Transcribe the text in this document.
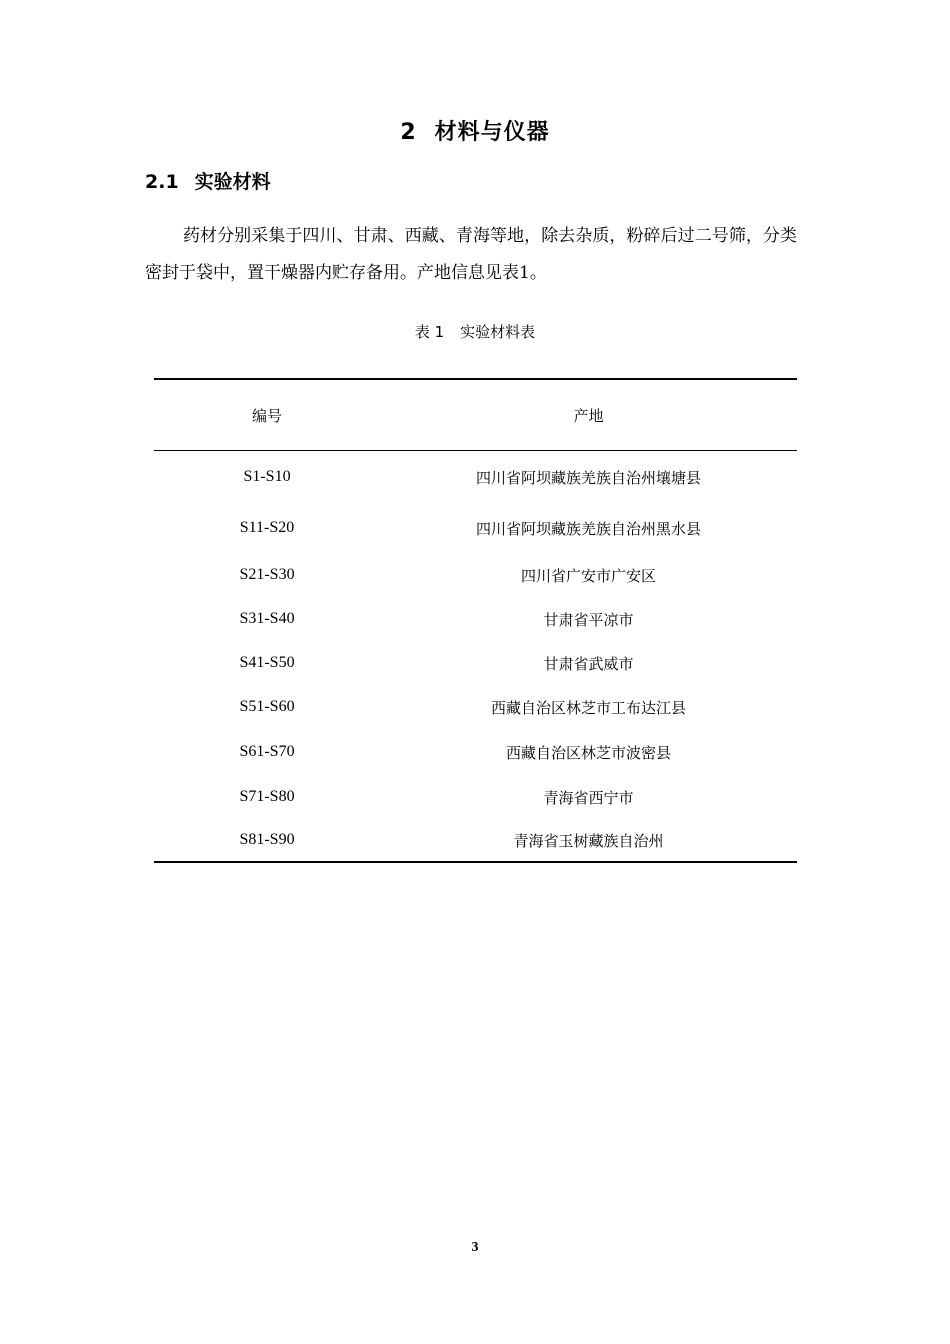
2 材料与仪器
2.1 实验材料
药材分别采集于四川、甘肃、西藏、青海等地，除去杂质，粉碎后过二号筛，分类密封于袋中，置干燥器内贮存备用。产地信息见表1。
表 1 实验材料表
编号	产地
S1-S10	四川省阿坝藏族羌族自治州壤塘县
S11-S20	四川省阿坝藏族羌族自治州黑水县
S21-S30	四川省广安市广安区
S31-S40	甘肃省平凉市
S41-S50	甘肃省武威市
S51-S60	西藏自治区林芝市工布达江县
S61-S70	西藏自治区林芝市波密县
S71-S80	青海省西宁市
S81-S90	青海省玉树藏族自治州
3
